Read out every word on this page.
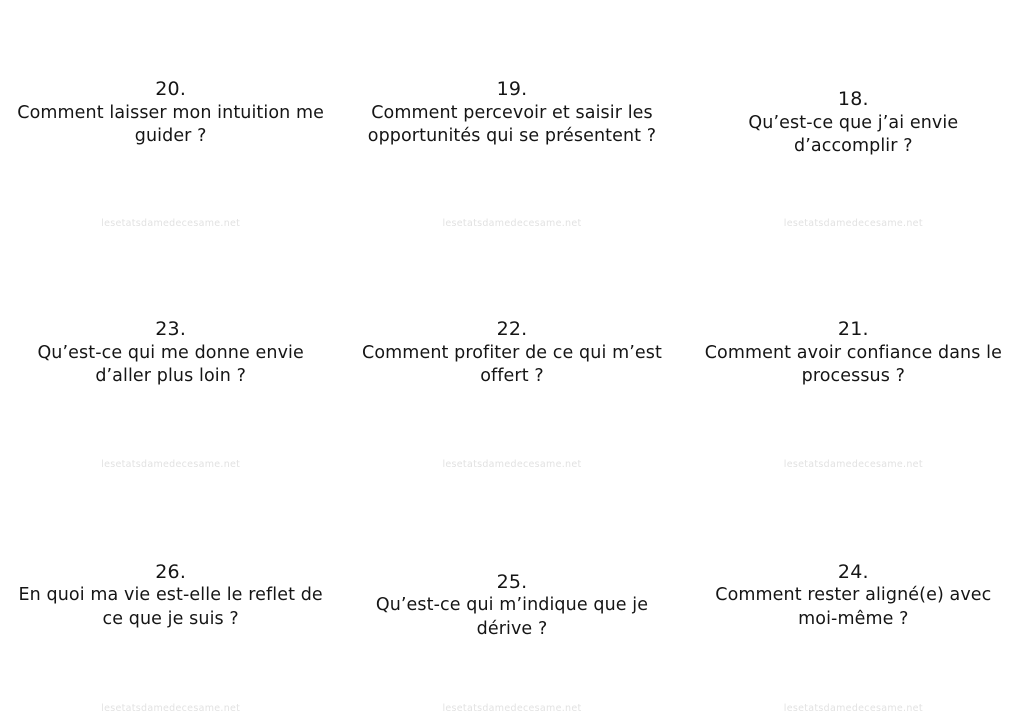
20.
Comment laisser mon intuition me guider ?
lesetatsdamedecesame.net
19.
Comment percevoir et saisir les opportunités qui se présentent ?
lesetatsdamedecesame.net
18.
Qu’est-ce que j’ai envie d’accomplir ?
lesetatsdamedecesame.net
23.
Qu’est-ce qui me donne envie d’aller plus loin ?
lesetatsdamedecesame.net
22.
Comment profiter de ce qui m’est offert ?
lesetatsdamedecesame.net
21.
Comment avoir confiance dans le processus ?
lesetatsdamedecesame.net
26.
En quoi ma vie est-elle le reflet de ce que je suis ?
lesetatsdamedecesame.net
25.
Qu’est-ce qui m’indique que je dérive ?
lesetatsdamedecesame.net
24.
Comment rester aligné(e) avec moi-même ?
lesetatsdamedecesame.net
